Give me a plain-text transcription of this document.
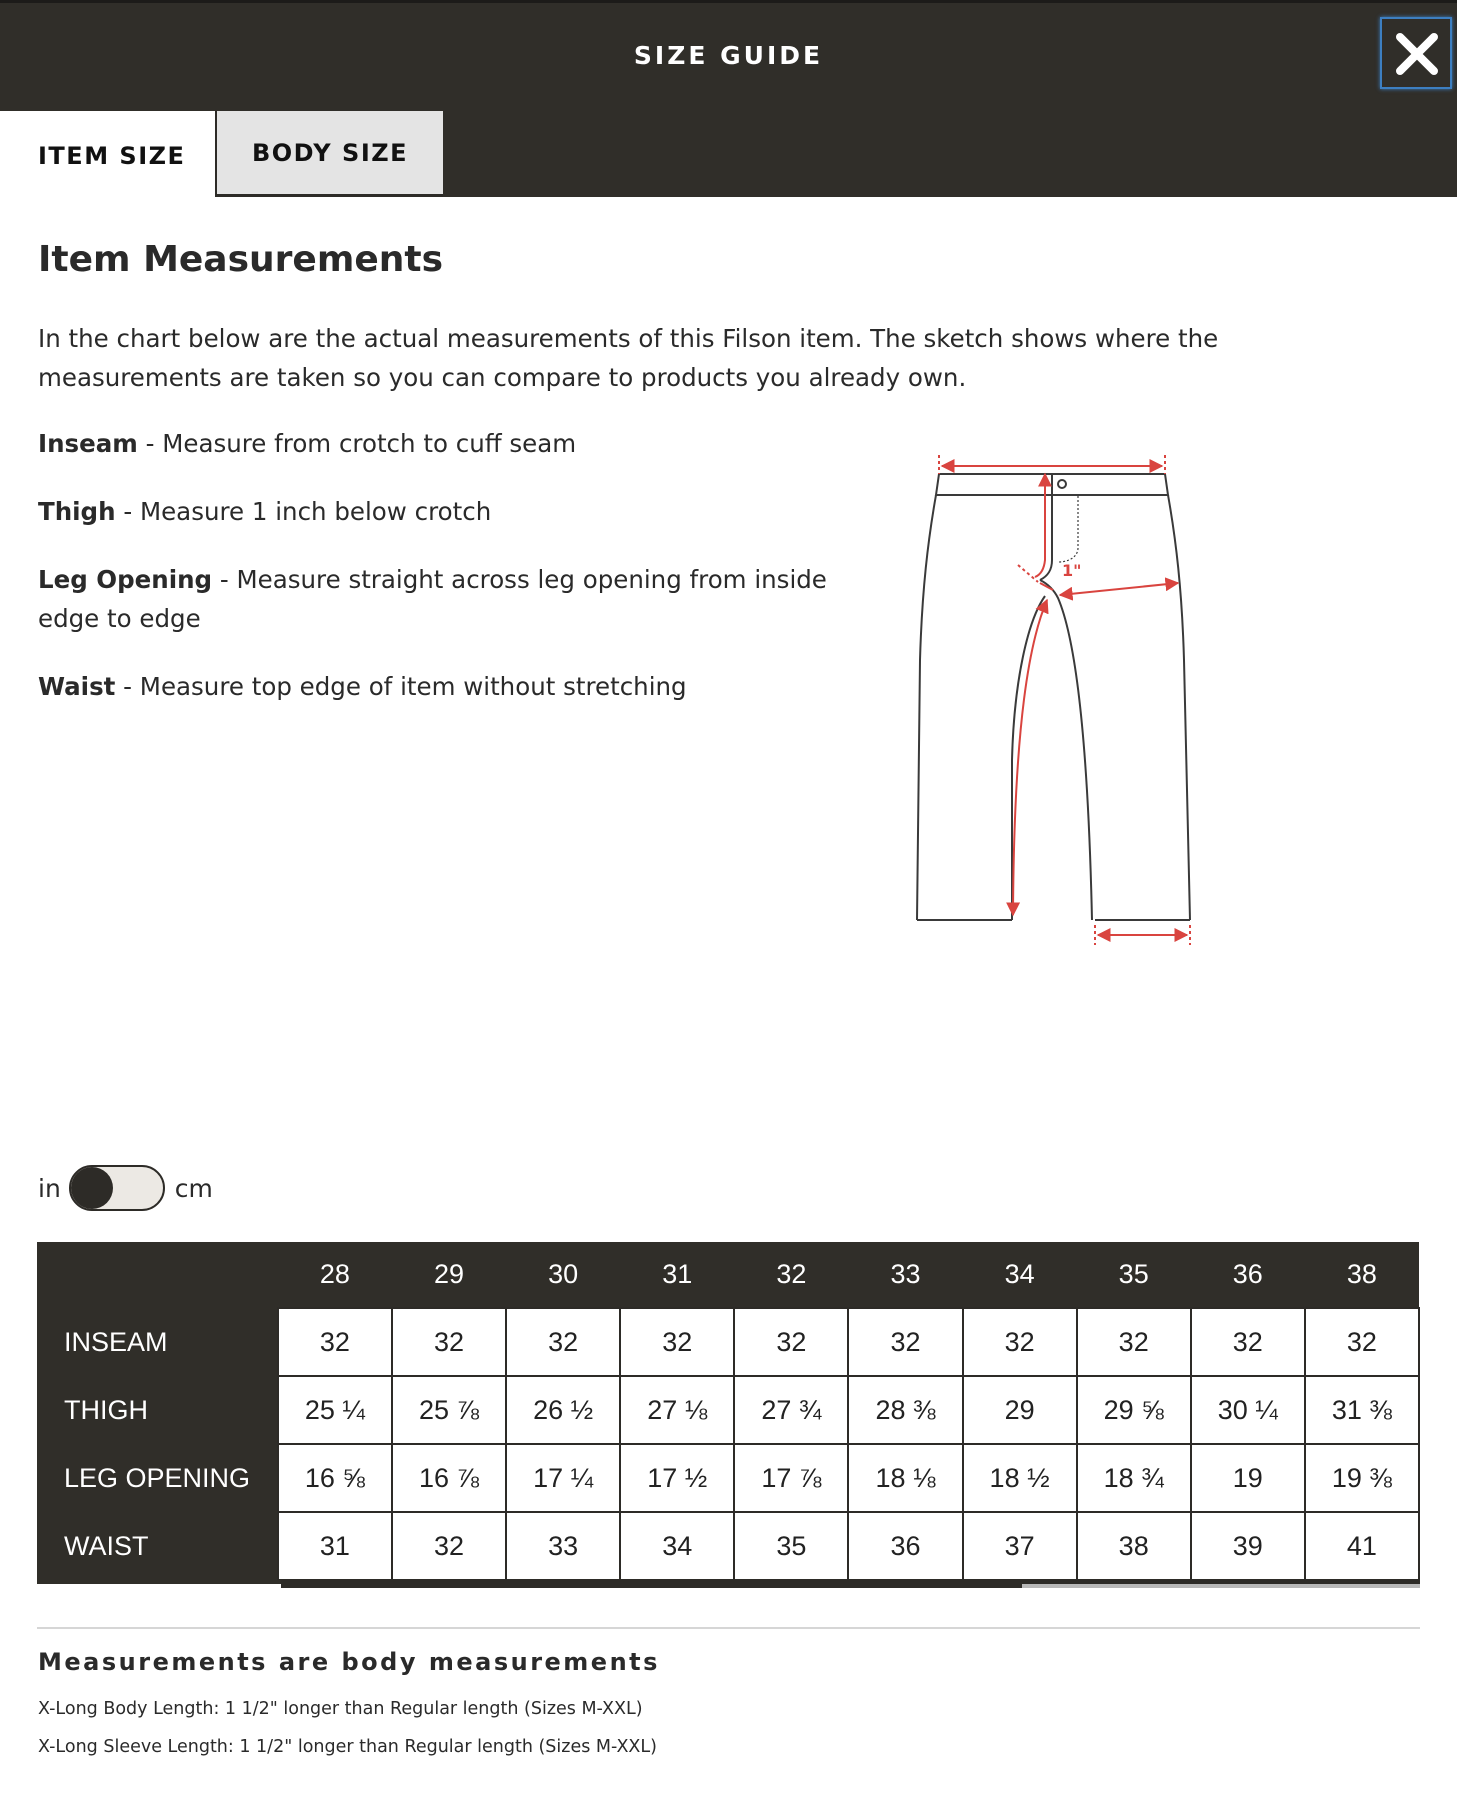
SIZE GUIDE
ITEM SIZE	BODY SIZE
Item Measurements

In the chart below are the actual measurements of this Filson item. The sketch shows where the measurements are taken so you can compare to products you already own.

Inseam - Measure from crotch to cuff seam
Thigh - Measure 1 inch below crotch
Leg Opening - Measure straight across leg opening from inside edge to edge
Waist - Measure top edge of item without stretching
1"
in	cm
	28	29	30	31	32	33	34	35	36	38
INSEAM	32	32	32	32	32	32	32	32	32	32
THIGH	25 ¼	25 ⅞	26 ½	27 ⅛	27 ¾	28 ⅜	29	29 ⅝	30 ¼	31 ⅜
LEG OPENING	16 ⅝	16 ⅞	17 ¼	17 ½	17 ⅞	18 ⅛	18 ½	18 ¾	19	19 ⅜
WAIST	31	32	33	34	35	36	37	38	39	41
Measurements are body measurements
X-Long Body Length: 1 1/2" longer than Regular length (Sizes M-XXL)
X-Long Sleeve Length: 1 1/2" longer than Regular length (Sizes M-XXL)
